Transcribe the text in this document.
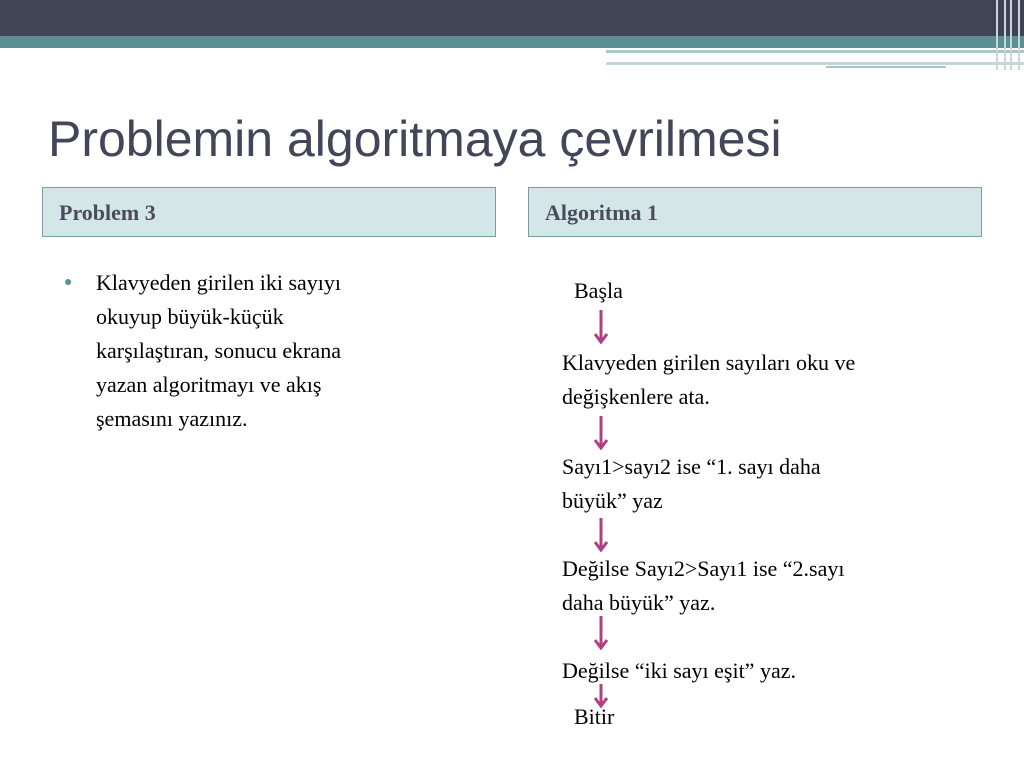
Problemin algoritmaya çevrilmesi
Problem 3	Algoritma 1
● Klavyeden girilen iki sayıyı
okuyup büyük-küçük
karşılaştıran, sonucu ekrana
yazan algoritmayı ve akış
şemasını yazınız.
Başla
Klavyeden girilen sayıları oku ve
değişkenlere ata.
Sayı1>sayı2 ise “1. sayı daha
büyük” yaz
Değilse Sayı2>Sayı1 ise “2.sayı
daha büyük” yaz.
Değilse “iki sayı eşit” yaz.
Bitir
